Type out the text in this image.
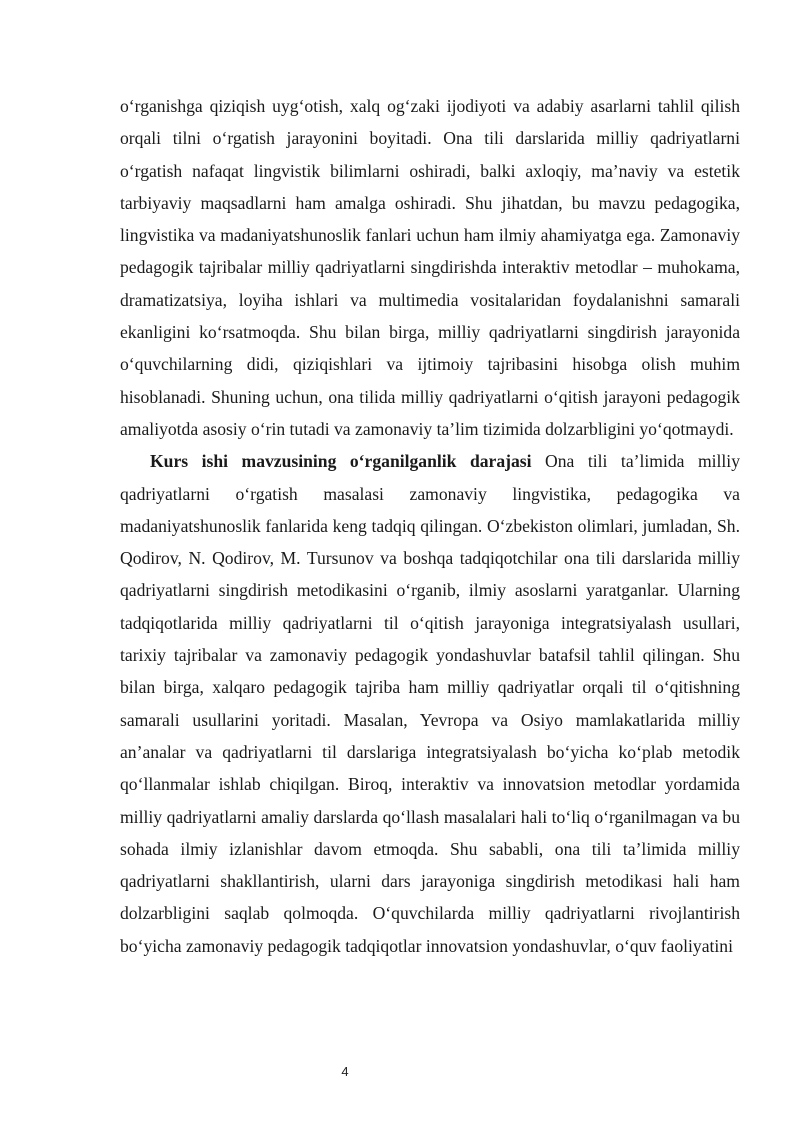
o‘rganishga qiziqish uyg‘otish, xalq og‘zaki ijodiyoti va adabiy asarlarni tahlil qilish orqali tilni o‘rgatish jarayonini boyitadi. Ona tili darslarida milliy qadriyatlarni o‘rgatish nafaqat lingvistik bilimlarni oshiradi, balki axloqiy, ma’naviy va estetik tarbiyaviy maqsadlarni ham amalga oshiradi. Shu jihatdan, bu mavzu pedagogika, lingvistika va madaniyatshunoslik fanlari uchun ham ilmiy ahamiyatga ega. Zamonaviy pedagogik tajribalar milliy qadriyatlarni singdirishda interaktiv metodlar – muhokama, dramatizatsiya, loyiha ishlari va multimedia vositalaridan foydalanishni samarali ekanligini ko‘rsatmoqda. Shu bilan birga, milliy qadriyatlarni singdirish jarayonida o‘quvchilarning didi, qiziqishlari va ijtimoiy tajribasini hisobga olish muhim hisoblanadi. Shuning uchun, ona tilida milliy qadriyatlarni o‘qitish jarayoni pedagogik amaliyotda asosiy o‘rin tutadi va zamonaviy ta’lim tizimida dolzarbligini yo‘qotmaydi.

Kurs ishi mavzusining o‘rganilganlik darajasi Ona tili ta’limida milliy qadriyatlarni o‘rgatish masalasi zamonaviy lingvistika, pedagogika va madaniyatshunoslik fanlarida keng tadqiq qilingan. O‘zbekiston olimlari, jumladan, Sh. Qodirov, N. Qodirov, M. Tursunov va boshqa tadqiqotchilar ona tili darslarida milliy qadriyatlarni singdirish metodikasini o‘rganib, ilmiy asoslarni yaratganlar. Ularning tadqiqotlarida milliy qadriyatlarni til o‘qitish jarayoniga integratsiyalash usullari, tarixiy tajribalar va zamonaviy pedagogik yondashuvlar batafsil tahlil qilingan. Shu bilan birga, xalqaro pedagogik tajriba ham milliy qadriyatlar orqali til o‘qitishning samarali usullarini yoritadi. Masalan, Yevropa va Osiyo mamlakatlarida milliy an’analar va qadriyatlarni til darslariga integratsiyalash bo‘yicha ko‘plab metodik qo‘llanmalar ishlab chiqilgan. Biroq, interaktiv va innovatsion metodlar yordamida milliy qadriyatlarni amaliy darslarda qo‘llash masalalari hali to‘liq o‘rganilmagan va bu sohada ilmiy izlanishlar davom etmoqda. Shu sababli, ona tili ta’limida milliy qadriyatlarni shakllantirish, ularni dars jarayoniga singdirish metodikasi hali ham dolzarbligini saqlab qolmoqda. O‘quvchilarda milliy qadriyatlarni rivojlantirish bo‘yicha zamonaviy pedagogik tadqiqotlar innovatsion yondashuvlar, o‘quv faoliyatini

4
